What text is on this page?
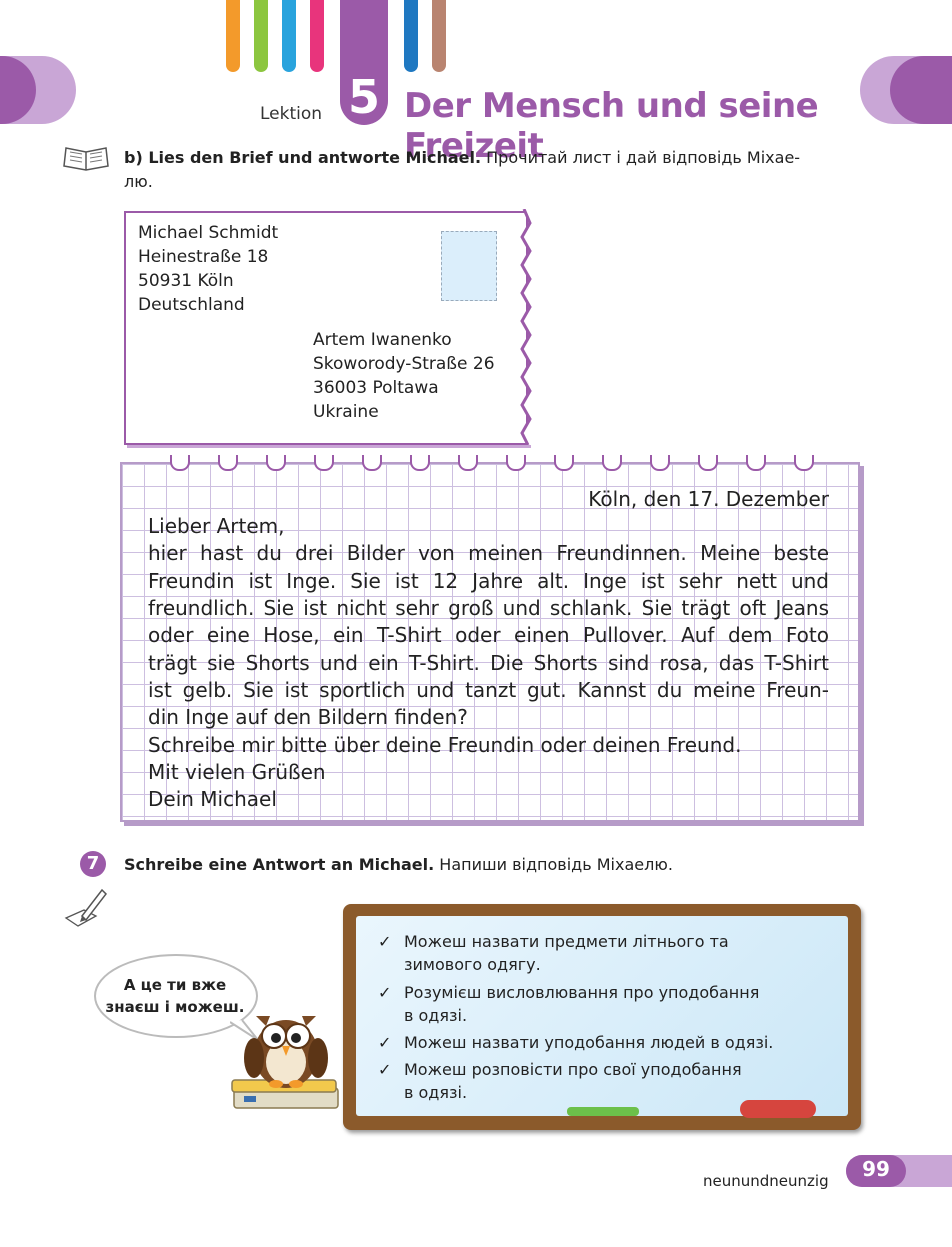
Lektion 5 Der Mensch und seine Freizeit
b) Lies den Brief und antworte Michael. Прочитай лист і дай відповідь Міхае-
лю.
Michael Schmidt
Heinestraße 18
50931 Köln
Deutschland
Artem Iwanenko
Skoworody-Straße 26
36003 Poltawa
Ukraine
Köln, den 17. Dezember
Lieber Artem,
hier hast du drei Bilder von meinen Freundinnen. Meine beste
Freundin ist Inge. Sie ist 12 Jahre alt. Inge ist sehr nett und
freundlich. Sie ist nicht sehr groß und schlank. Sie trägt oft Jeans
oder eine Hose, ein T-Shirt oder einen Pullover. Auf dem Foto
trägt sie Shorts und ein T-Shirt. Die Shorts sind rosa, das T-Shirt
ist gelb. Sie ist sportlich und tanzt gut. Kannst du meine Freun-
din Inge auf den Bildern finden?
Schreibe mir bitte über deine Freundin oder deinen Freund.
Mit vielen Grüßen
Dein Michael
7	Schreibe eine Antwort an Michael. Напиши відповідь Міхаелю.
А це ти вже
знаєш і можеш.
✓ Можеш назвати предмети літнього та
зимового одягу.
✓ Розумієш висловлювання про уподобання
в одязі.
✓ Можеш назвати уподобання людей в одязі.
✓ Можеш розповісти про свої уподобання
в одязі.
neunundneunzig	99
